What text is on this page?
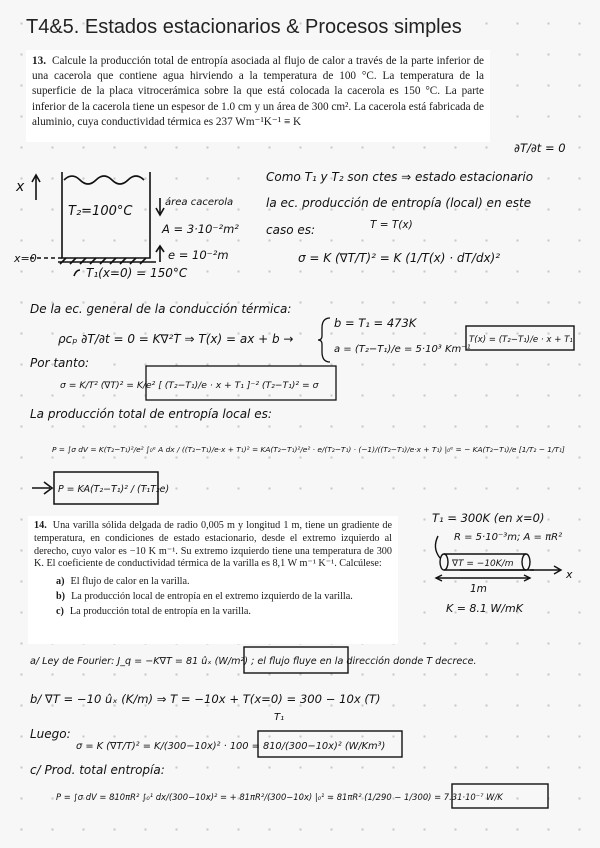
T4&5. Estados estacionarios & Procesos simples
13. Calcule la producción total de entropía asociada al flujo de calor a través de la parte inferior de una cacerola que contiene agua hirviendo a la temperatura de 100 °C. La temperatura de la superficie de la placa vitrocerámica sobre la que está colocada la cacerola es 150 °C. La parte inferior de la cacerola tiene un espesor de 1.0 cm y un área de 300 cm². La cacerola está fabricada de aluminio, cuya conductividad térmica es 237 Wm⁻¹K⁻¹ ≡ K
14. Una varilla sólida delgada de radio 0,005 m y longitud 1 m, tiene un gradiente de temperatura, en condiciones de estado estacionario, desde el extremo izquierdo al derecho, cuyo valor es −10 K m⁻¹. Su extremo izquierdo tiene una temperatura de 300 K. El coeficiente de conductividad térmica de la varilla es 8,1 W m⁻¹ K⁻¹. Calcúlese:
a) El flujo de calor en la varilla.
b) La producción local de entropía en el extremo izquierdo de la varilla.
c) La producción total de entropía en la varilla.
x
T₂=100°C
área cacerola
A = 3·10⁻²m²
e = 10⁻²m
x=0
T₁(x=0) = 150°C
∂T/∂t = 0
Como T₁ y T₂ son ctes ⇒ estado estacionario
la ec. producción de entropía (local) en este
caso es:	T = T(x)
σ = K (∇T/T)² = K (1/T(x) · dT/dx)²
De la ec. general de la conducción térmica:
ρcₚ ∂T/∂t = 0 = K∇²T ⇒ T(x) = ax + b →
b = T₁ = 473K
a = (T₂−T₁)/e = 5·10³ Km⁻¹
T(x) = (T₂−T₁)/e · x + T₁
Por tanto:
σ = K/T² (∇T)² = K/e² [ (T₂−T₁)/e · x + T₁ ]⁻² (T₂−T₁)² = σ
La producción total de entropía local es:
P = ∫σ dV = K(T₂−T₁)²/e² ∫₀ᵉ A dx / ((T₂−T₁)/e·x + T₁)² = KA(T₂−T₁)²/e² · e/(T₂−T₁) · (−1)/((T₂−T₁)/e·x + T₁) |₀ᵉ = − KA(T₂−T₁)/e [1/T₂ − 1/T₁]
P = KA(T₂−T₁)² / (T₁T₂e)
T₁ = 300K (en x=0)
R = 5·10⁻³m; A = πR²
∇T = −10K/m
1m
x
K = 8.1 W/mK
a/ Ley de Fourier: J_q = −K∇T = 81 ûₓ (W/m²) ; el flujo fluye en la dirección donde T decrece.
b/ ∇T = −10 ûₓ (K/m) ⇒ T = −10x + T(x=0) = 300 − 10x (T)
T₁
Luego:
σ = K (∇T/T)² = K/(300−10x)² · 100 = 810/(300−10x)² (W/Km³)
c/ Prod. total entropía:
P = ∫σ dV = 810πR² ∫₀¹ dx/(300−10x)² = + 81πR²/(300−10x) |₀¹ = 81πR² (1/290 − 1/300) = 7.31·10⁻⁷ W/K
